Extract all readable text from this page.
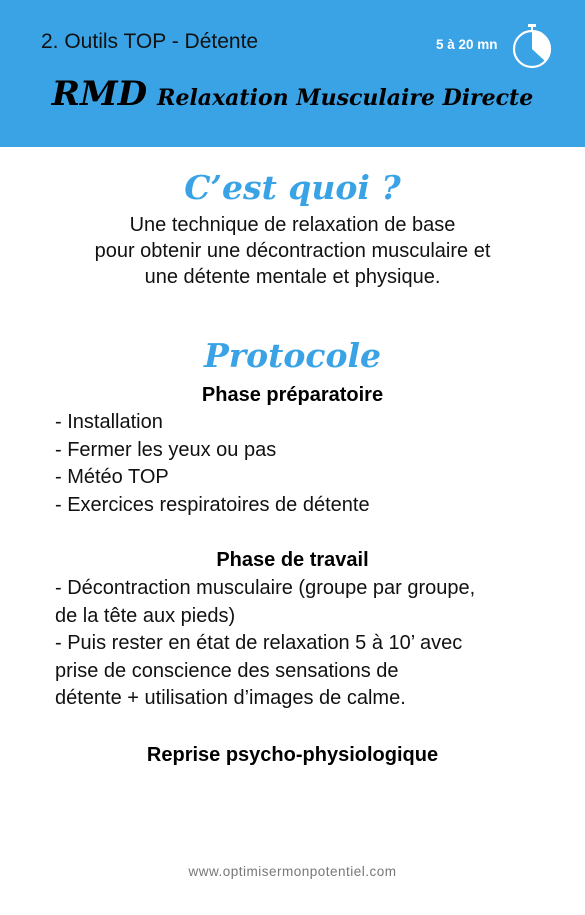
2. Outils TOP - Détente	5 à 20 mn
RMD Relaxation Musculaire Directe
C’est quoi ?
Une technique de relaxation de base
pour obtenir une décontraction musculaire et
une détente mentale et physique.
Protocole
Phase préparatoire
- Installation
- Fermer les yeux ou pas
- Météo TOP
- Exercices respiratoires de détente
Phase de travail
- Décontraction musculaire (groupe par groupe,
de la tête aux pieds)
- Puis rester en état de relaxation 5 à 10’ avec
prise de conscience des sensations de
détente + utilisation d’images de calme.
Reprise psycho-physiologique
www.optimisermonpotentiel.com
